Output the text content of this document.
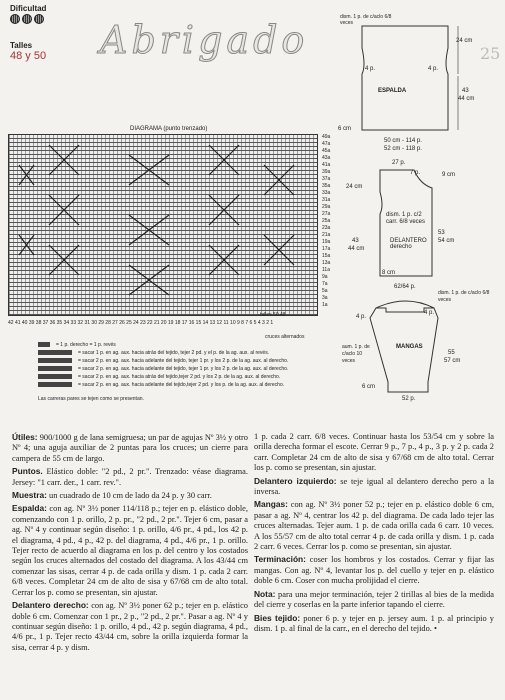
Dificultad
Talles
48 y 50 Abrigado	25
DIAGRAMA (punto trenzado)
49a
47a
45a
43a
41a
39a
37a
35a
33a
31a
29a
27a
25a
23a
21a
19a
17a
15a
13a
11a
9a
7a
5a
3a
1a
42 41 40 39 38 37 36 35 34 33 32 31 30 29 28 27 26 25 24 23 22 21 20 19 18 17 16 15 14 13 12 11 10 9 8 7 6 5 4 3 2 1
talles 50 48
cruces alternados
= 1 p. derecho = 1 p. revés
= sacar 1 p. en ag. aux. hacia atrás del tejido, tejer 2 pd. y el p. de la ag. aux. al revés.
= sacar 2 p. en ag. aux. hacia adelante del tejido, tejer 1 pr. y los 2 p. de la ag. aux. al derecho.
= sacar 2 p. en ag. aux. hacia adelante del tejido, tejer 1 pr. y los 2 p. de la ag. aux. al derecho.
= sacar 2 p. en ag. aux. hacia atrás del tejido,tejer 2 pd. y los 2 p. de la ag. aux. al derecho.
= sacar 2 p. en ag. aux. hacia adelante del tejido,tejer 2 pd. y los p. de la ag. aux. al derecho.
Las carreras pares se tejen como se presentan.
dism. 1 p. de c/aclo 6/8 veces
24 cm
4 p.	4 p.
ESPALDA	43
44 cm
6 cm
50 cm - 114 p.
52 cm - 118 p.
27 p.
7 p.	9 cm
24 cm
dism. 1 p. c/2 carr. 6/8 veces
53
54 cm
43
44 cm
DELANTERO derecho
8 cm
62/64 p.
dism. 1 p. de c/aclo 6/8 veces
4 p.
4 p.
MANGAS
aum. 1 p. de c/aclo 10 veces
55
57 cm
6 cm
52 p.

Útiles: 900/1000 g de lana semigruesa; un par de agujas Nº 3½ y otro Nº 4; una aguja auxiliar de 2 puntas para los cruces; un cierre para campera de 55 cm de largo.

Puntos. Elástico doble: "2 pd., 2 pr.". Trenzado: véase diagrama. Jersey: "1 carr. der., 1 carr. rev.".

Muestra: un cuadrado de 10 cm de lado da 24 p. y 30 carr.

Espalda: con ag. Nº 3½ poner 114/118 p.; tejer en p. elástico doble, comenzando con 1 p. orillo, 2 p. pr., "2 pd., 2 pr.". Tejer 6 cm, pasar a ag. Nº 4 y continuar según diseño: 1 p. orillo, 4/6 pr., 4 pd., los 42 p. el diagrama, 4 pd., 4 p., 42 p. del diagrama, 4 pd., 4/6 pr., 1 p. orillo. Tejer recto de acuerdo al diagrama en los p. del centro y los costados según los cruces alternados del costado del diagrama. A los 43/44 cm comenzar las sisas, cerrar 4 p. de cada orilla y dism. 1 p. cada 2 carr. 6/8 veces. Completar 24 cm de alto de sisa y 67/68 cm de alto total. Cerrar los p. como se presentan, sin ajustar.

Delantero derecho: con ag. Nº 3½ poner 62 p.; tejer en p. elástico doble 6 cm. Comenzar con 1 pr., 2 p., "2 pd., 2 pr.". Pasar a ag. Nº 4 y continuar según diseño: 1 p. orillo, 4 pd., 42 p. según diagrama, 4 pd., 4/6 pr., 1 p. Tejer recto 43/44 cm, sobre la orilla izquierda formar la sisa, cerrar 4 p. y dism.

1 p. cada 2 carr. 6/8 veces. Continuar hasta los 53/54 cm y sobre la orilla derecha formar el escote. Cerrar 9 p., 7 p., 4 p., 3 p. y 2 p. cada 2 carr. Completar 24 cm de alto de sisa y 67/68 cm de alto total. Cerrar los p. como se presentan, sin ajustar.

Delantero izquierdo: se teje igual al delantero derecho pero a la inversa.

Mangas: con ag. Nº 3½ poner 52 p.; tejer en p. elástico doble 6 cm, pasar a ag. Nº 4, centrar los 42 p. del diagrama. De cada lado tejer las cruces alternadas. Tejer aum. 1 p. de cada orilla cada 6 carr. 10 veces. A los 55/57 cm de alto total cerrar 4 p. de cada orilla y dism. 1 p. cada 2 carr. 6 veces. Cerrar los p. como se presentan, sin ajustar.

Terminación: coser los hombros y los costados. Cerrar y fijar las mangas. Con ag. Nº 4, levantar los p. del cuello y tejer en p. elástico doble 6 cm. Coser con mucha prolijidad el cierre.

Nota: para una mejor terminación, tejer 2 tirillas al bies de la medida del cierre y coserlas en la parte inferior tapando el cierre.

Bies tejido: poner 6 p. y tejer en p. jersey aum. 1 p. al principio y dism. 1 p. al final de la carr., en el derecho del tejido. •
